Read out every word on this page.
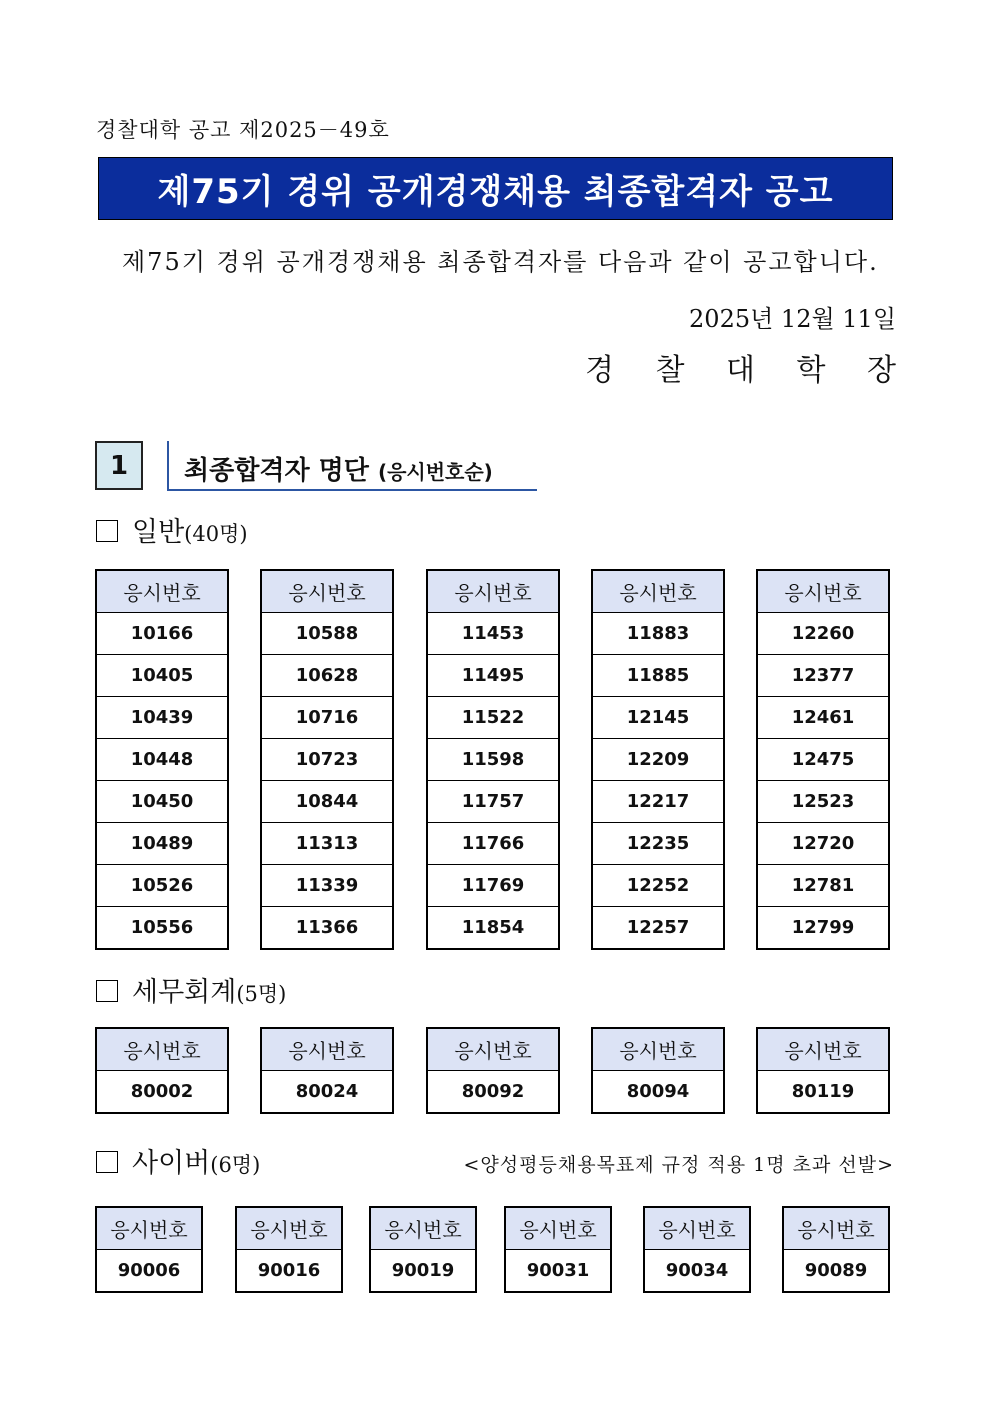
경찰대학 공고 제2025－49호
제75기 경위 공개경쟁채용 최종합격자 공고
제75기 경위 공개경쟁채용 최종합격자를 다음과 같이 공고합니다.
2025년 12월 11일
경 찰 대 학 장
1	최종합격자 명단 (응시번호순)
일반(40명)
세무회계(5명)
사이버(6명)	<양성평등채용목표제 규정 적용 1명 초과 선발>
응시번호
10166
10405
10439
10448
10450
10489
10526
10556
응시번호
10588
10628
10716
10723
10844
11313
11339
11366
응시번호
11453
11495
11522
11598
11757
11766
11769
11854
응시번호
11883
11885
12145
12209
12217
12235
12252
12257
응시번호
12260
12377
12461
12475
12523
12720
12781
12799
응시번호
80002
응시번호
80024
응시번호
80092
응시번호
80094
응시번호
80119
응시번호
90006
응시번호
90016
응시번호
90019
응시번호
90031
응시번호
90034
응시번호
90089
